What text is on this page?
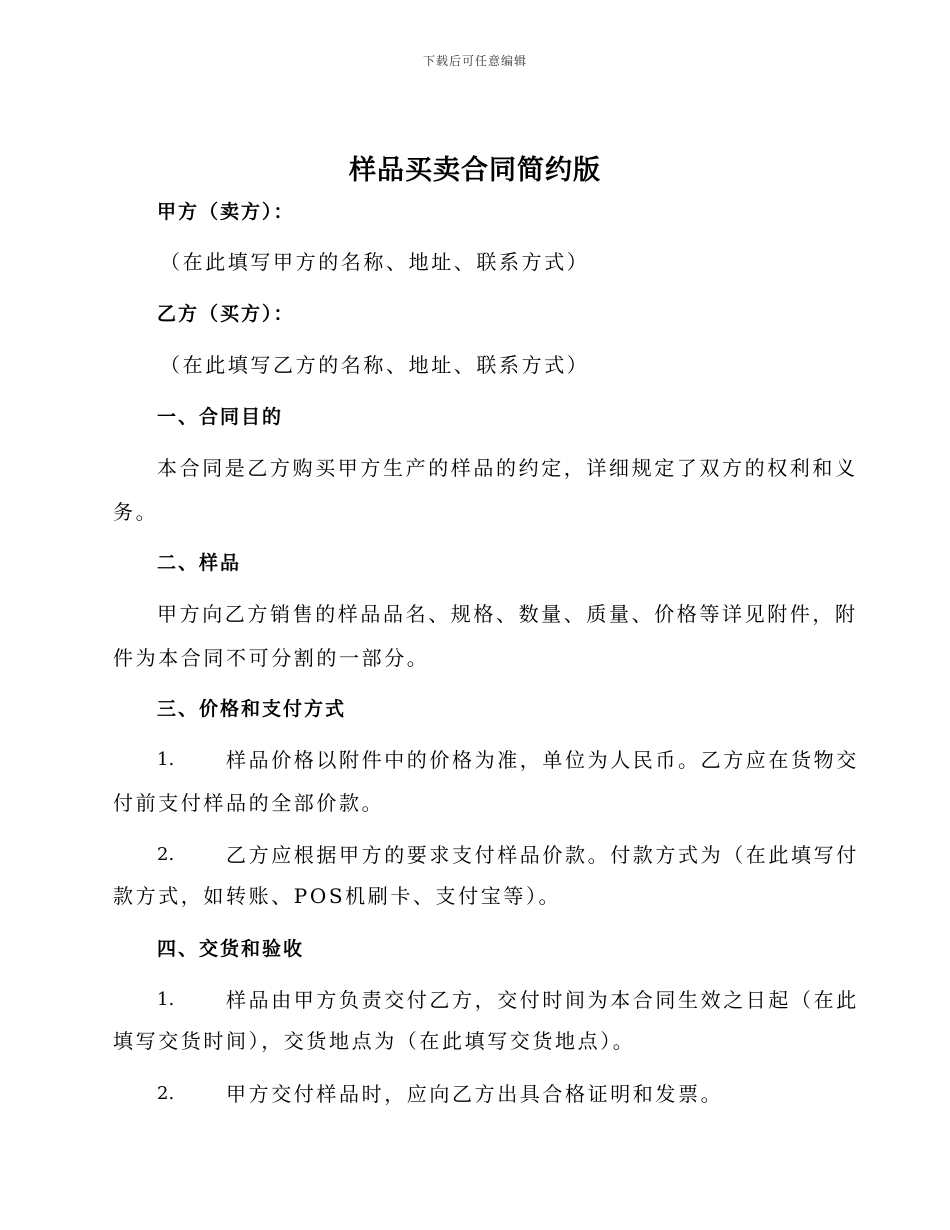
下载后可任意编辑
样品买卖合同简约版
甲方（卖方）：
（在此填写甲方的名称、地址、联系方式）
乙方（买方）：
（在此填写乙方的名称、地址、联系方式）
一、合同目的
本合同是乙方购买甲方生产的样品的约定，详细规定了双方的权利和义
务。
二、样品
甲方向乙方销售的样品品名、规格、数量、质量、价格等详见附件，附
件为本合同不可分割的一部分。
三、价格和支付方式
1.	样品价格以附件中的价格为准，单位为人民币。乙方应在货物交
付前支付样品的全部价款。
2.	乙方应根据甲方的要求支付样品价款。付款方式为（在此填写付
款方式，如转账、POS机刷卡、支付宝等）。
四、交货和验收
1.	样品由甲方负责交付乙方，交付时间为本合同生效之日起（在此
填写交货时间），交货地点为（在此填写交货地点）。
2.	甲方交付样品时，应向乙方出具合格证明和发票。
